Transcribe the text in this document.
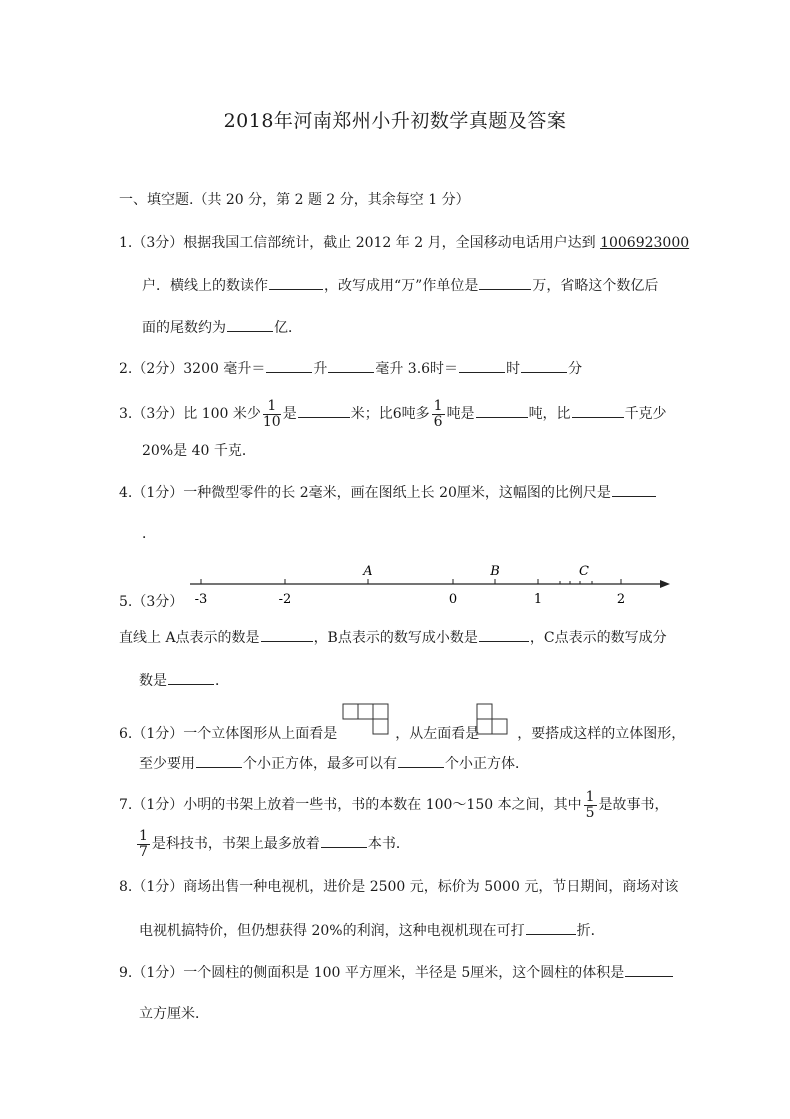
2018年河南郑州小升初数学真题及答案
一、填空题.（共 20 分，第 2 题 2 分，其余每空 1 分）
1.（3分）根据我国工信部统计，截止 2012 年 2 月，全国移动电话用户达到 1006923000
户．横线上的数读作	，改写成用“万”作单位是	万，省略这个数亿后
面的尾数约为	亿．
2.（2分）3200 毫升＝	升	毫升 3.6时＝	时	分
3.（3分）比 100 米少 $\frac{1}{10}$ 是	米；比6吨多 $\frac{1}{6}$ 吨是	吨，比	千克少
20%是 40 千克．
4.（1分）一种微型零件的长 2毫米，画在图纸上长 20厘米，这幅图的比例尺是
．
5.（3分）
A	B	C
-3	-2	0	1	2
直线上 A点表示的数是	，B点表示的数写成小数是	，C点表示的数写成分
数是	．
6.（1分）一个立体图形从上面看是	，从左面看是	，要搭成这样的立体图形，
至少要用	个小正方体，最多可以有	个小正方体．
7.（1分）小明的书架上放着一些书，书的本数在 100～150 本之间，其中 $\frac{1}{5}$ 是故事书，
$\frac{1}{7}$ 是科技书，书架上最多放着	本书．
8.（1分）商场出售一种电视机，进价是 2500 元，标价为 5000 元，节日期间，商场对该
电视机搞特价，但仍想获得 20%的利润，这种电视机现在可打	折．
9.（1分）一个圆柱的侧面积是 100 平方厘米，半径是 5厘米，这个圆柱的体积是
立方厘米．
